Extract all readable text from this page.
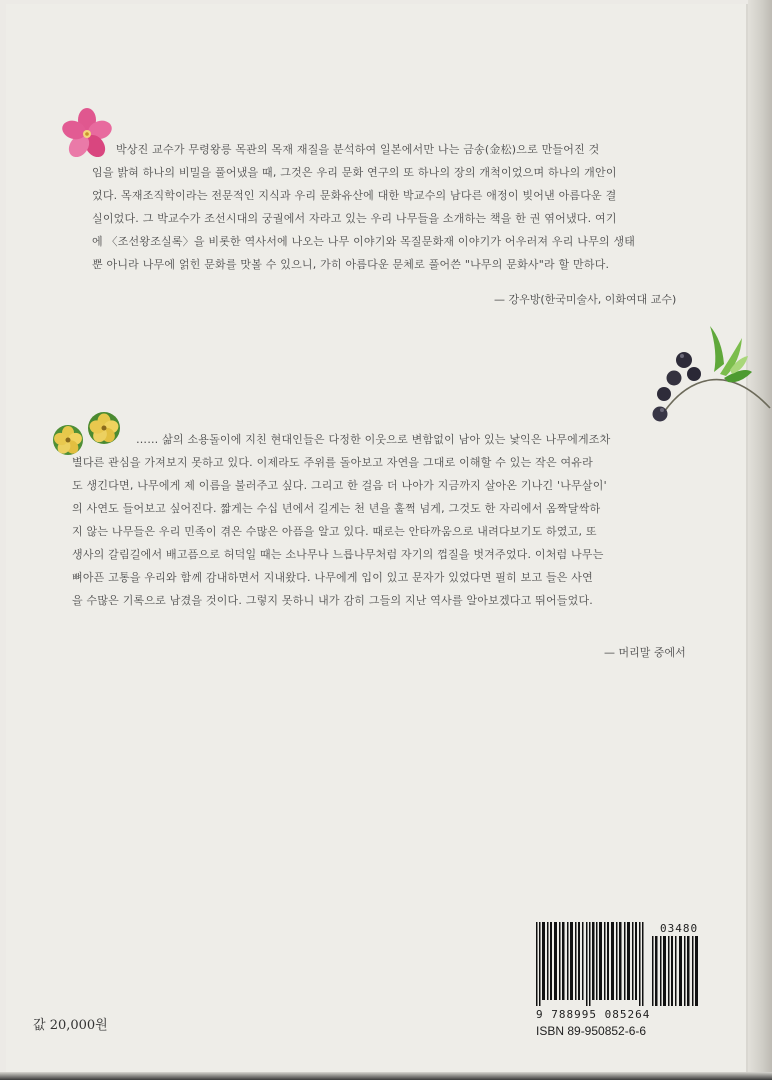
박상진 교수가 무령왕릉 목관의 목재 재질을 분석하여 일본에서만 나는 금송(金松)으로 만들어진 것
임을 밝혀 하나의 비밀을 풀어냈을 때, 그것은 우리 문화 연구의 또 하나의 장의 개척이었으며 하나의 개안이
었다. 목재조직학이라는 전문적인 지식과 우리 문화유산에 대한 박교수의 남다른 애정이 빚어낸 아름다운 결
실이었다. 그 박교수가 조선시대의 궁궐에서 자라고 있는 우리 나무들을 소개하는 책을 한 권 엮어냈다. 여기
에 〈조선왕조실록〉을 비롯한 역사서에 나오는 나무 이야기와 목질문화재 이야기가 어우러져 우리 나무의 생태
뿐 아니라 나무에 얽힌 문화를 맛볼 수 있으니, 가히 아름다운 문체로 풀어쓴 "나무의 문화사"라 할 만하다.
— 강우방(한국미술사, 이화여대 교수)
…… 삶의 소용돌이에 지친 현대인들은 다정한 이웃으로 변함없이 남아 있는 낯익은 나무에게조차
별다른 관심을 가져보지 못하고 있다. 이제라도 주위를 돌아보고 자연을 그대로 이해할 수 있는 작은 여유라
도 생긴다면, 나무에게 제 이름을 불러주고 싶다. 그리고 한 걸음 더 나아가 지금까지 살아온 기나긴 '나무살이'
의 사연도 들어보고 싶어진다. 짧게는 수십 년에서 길게는 천 년을 훌쩍 넘게, 그것도 한 자리에서 옴짝달싹하
지 않는 나무들은 우리 민족이 겪은 수많은 아픔을 알고 있다. 때로는 안타까움으로 내려다보기도 하였고, 또
생사의 갈림길에서 배고픔으로 허덕일 때는 소나무나 느릅나무처럼 자기의 껍질을 벗겨주었다. 이처럼 나무는
뼈아픈 고통을 우리와 함께 감내하면서 지내왔다. 나무에게 입이 있고 문자가 있었다면 필히 보고 들은 사연
을 수많은 기록으로 남겼을 것이다. 그렇지 못하니 내가 감히 그들의 지난 역사를 알아보겠다고 뛰어들었다.
— 머리말 중에서
03480
9 788995 085264
ISBN 89-950852-6-6
값 20,000원
